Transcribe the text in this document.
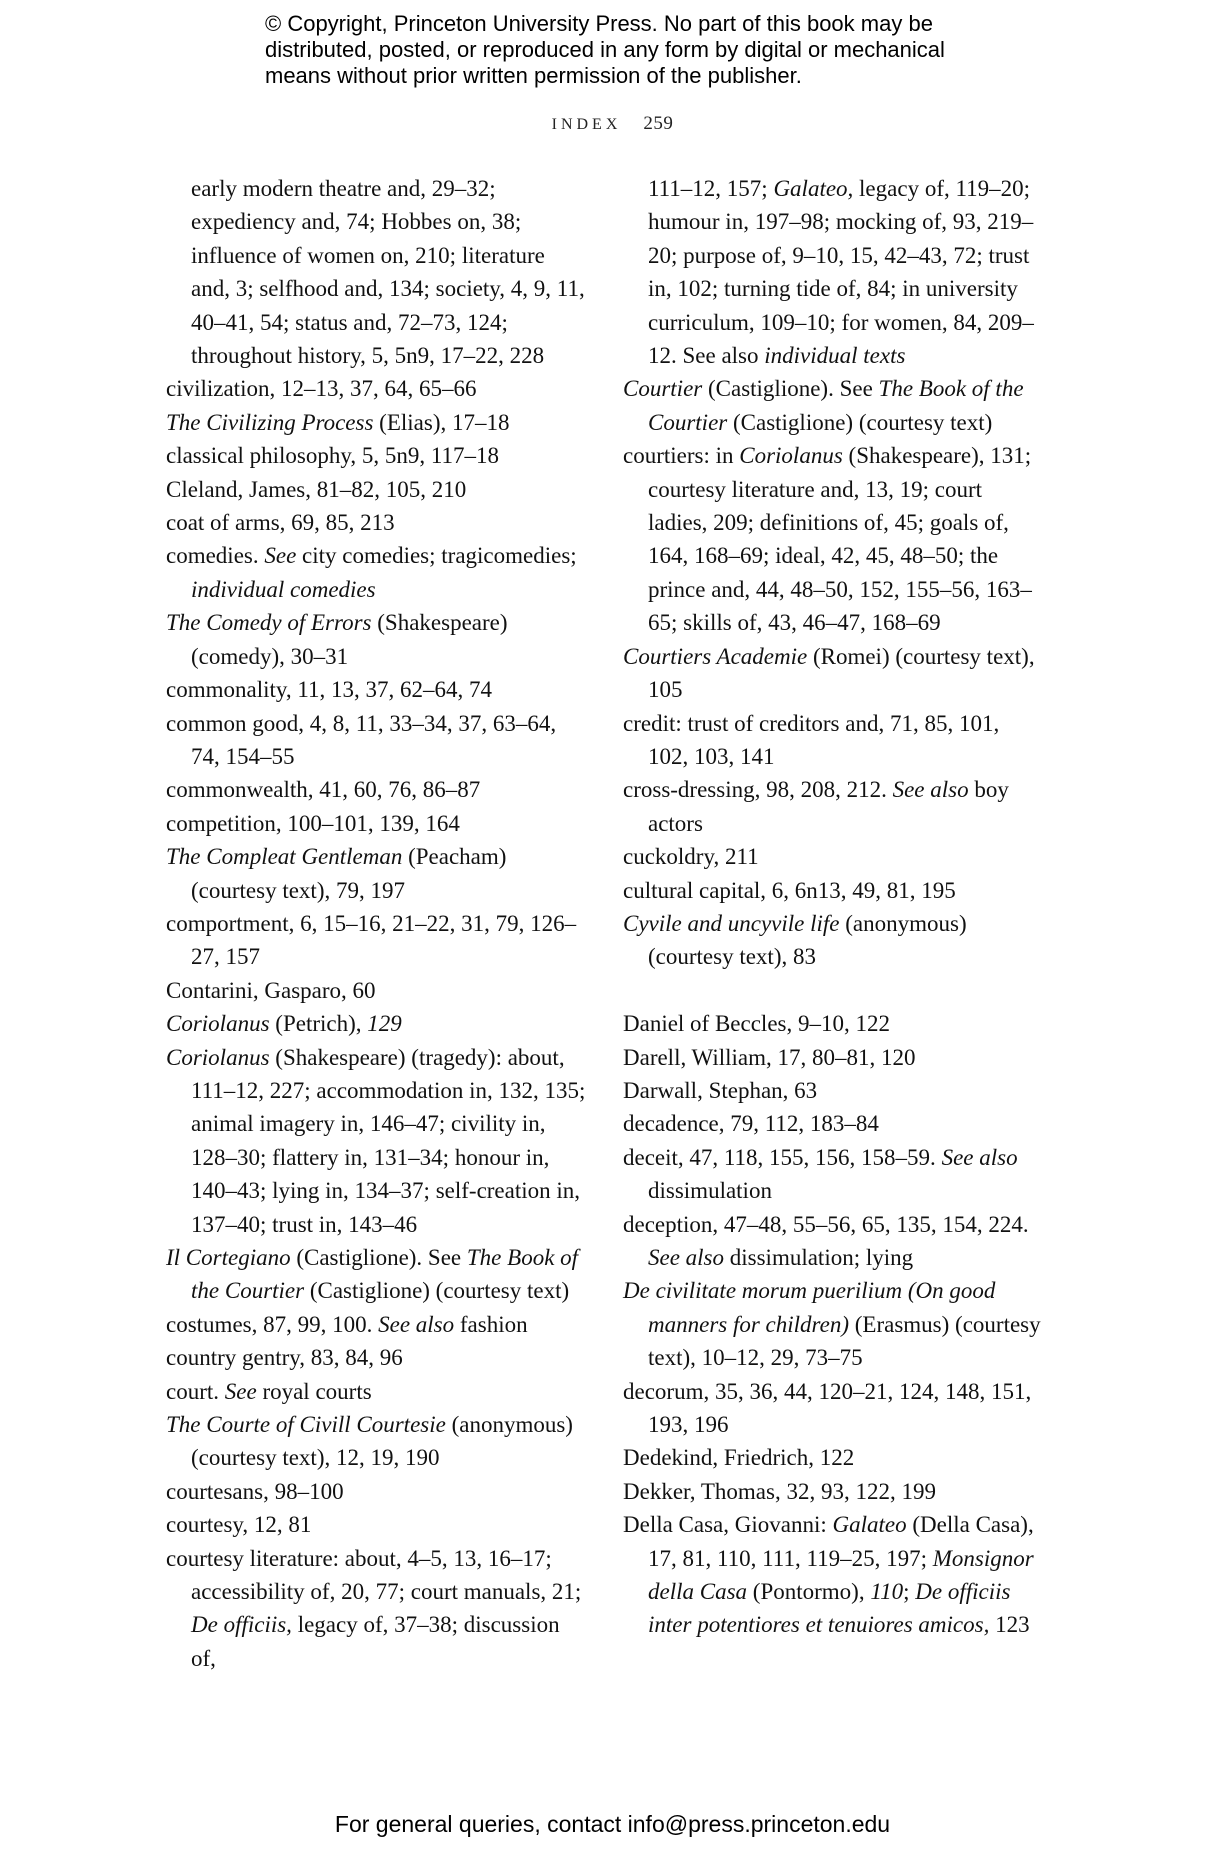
© Copyright, Princeton University Press. No part of this book may be

distributed, posted, or reproduced in any form by digital or mechanical

means without prior written permission of the publisher.

INDEX 259

early modern theatre and, 29–32; expediency and, 74; Hobbes on, 38; influence of women on, 210; literature and, 3; selfhood and, 134; society, 4, 9, 11, 40–41, 54; status and, 72–73, 124; throughout history, 5, 5n9, 17–22, 228

civilization, 12–13, 37, 64, 65–66

The Civilizing Process (Elias), 17–18

classical philosophy, 5, 5n9, 117–18

Cleland, James, 81–82, 105, 210

coat of arms, 69, 85, 213

comedies. See city comedies; tragicomedies; individual comedies

The Comedy of Errors (Shakespeare) (comedy), 30–31

commonality, 11, 13, 37, 62–64, 74

common good, 4, 8, 11, 33–34, 37, 63–64, 74, 154–55

commonwealth, 41, 60, 76, 86–87

competition, 100–101, 139, 164

The Compleat Gentleman (Peacham) (courtesy text), 79, 197

comportment, 6, 15–16, 21–22, 31, 79, 126–27, 157

Contarini, Gasparo, 60

Coriolanus (Petrich), 129

Coriolanus (Shakespeare) (tragedy): about, 111–12, 227; accommodation in, 132, 135; animal imagery in, 146–47; civility in, 128–30; flattery in, 131–34; honour in, 140–43; lying in, 134–37; self-creation in, 137–40; trust in, 143–46

Il Cortegiano (Castiglione). See The Book of the Courtier (Castiglione) (courtesy text)

costumes, 87, 99, 100. See also fashion

country gentry, 83, 84, 96

court. See royal courts

The Courte of Civill Courtesie (anonymous) (courtesy text), 12, 19, 190

courtesans, 98–100

courtesy, 12, 81

courtesy literature: about, 4–5, 13, 16–17; accessibility of, 20, 77; court manuals, 21; De officiis, legacy of, 37–38; discussion of,

111–12, 157; Galateo, legacy of, 119–20; humour in, 197–98; mocking of, 93, 219–20; purpose of, 9–10, 15, 42–43, 72; trust in, 102; turning tide of, 84; in university curriculum, 109–10; for women, 84, 209–12. See also individual texts

Courtier (Castiglione). See The Book of the Courtier (Castiglione) (courtesy text)

courtiers: in Coriolanus (Shakespeare), 131; courtesy literature and, 13, 19; court ladies, 209; definitions of, 45; goals of, 164, 168–69; ideal, 42, 45, 48–50; the prince and, 44, 48–50, 152, 155–56, 163–65; skills of, 43, 46–47, 168–69

Courtiers Academie (Romei) (courtesy text), 105

credit: trust of creditors and, 71, 85, 101, 102, 103, 141

cross-dressing, 98, 208, 212. See also boy actors

cuckoldry, 211

cultural capital, 6, 6n13, 49, 81, 195

Cyvile and uncyvile life (anonymous) (courtesy text), 83

Daniel of Beccles, 9–10, 122

Darell, William, 17, 80–81, 120

Darwall, Stephan, 63

decadence, 79, 112, 183–84

deceit, 47, 118, 155, 156, 158–59. See also dissimulation

deception, 47–48, 55–56, 65, 135, 154, 224. See also dissimulation; lying

De civilitate morum puerilium (On good manners for children) (Erasmus) (courtesy text), 10–12, 29, 73–75

decorum, 35, 36, 44, 120–21, 124, 148, 151, 193, 196

Dedekind, Friedrich, 122

Dekker, Thomas, 32, 93, 122, 199

Della Casa, Giovanni: Galateo (Della Casa), 17, 81, 110, 111, 119–25, 197; Monsignor della Casa (Pontormo), 110; De officiis inter potentiores et tenuiores amicos, 123

For general queries, contact info@press.princeton.edu
